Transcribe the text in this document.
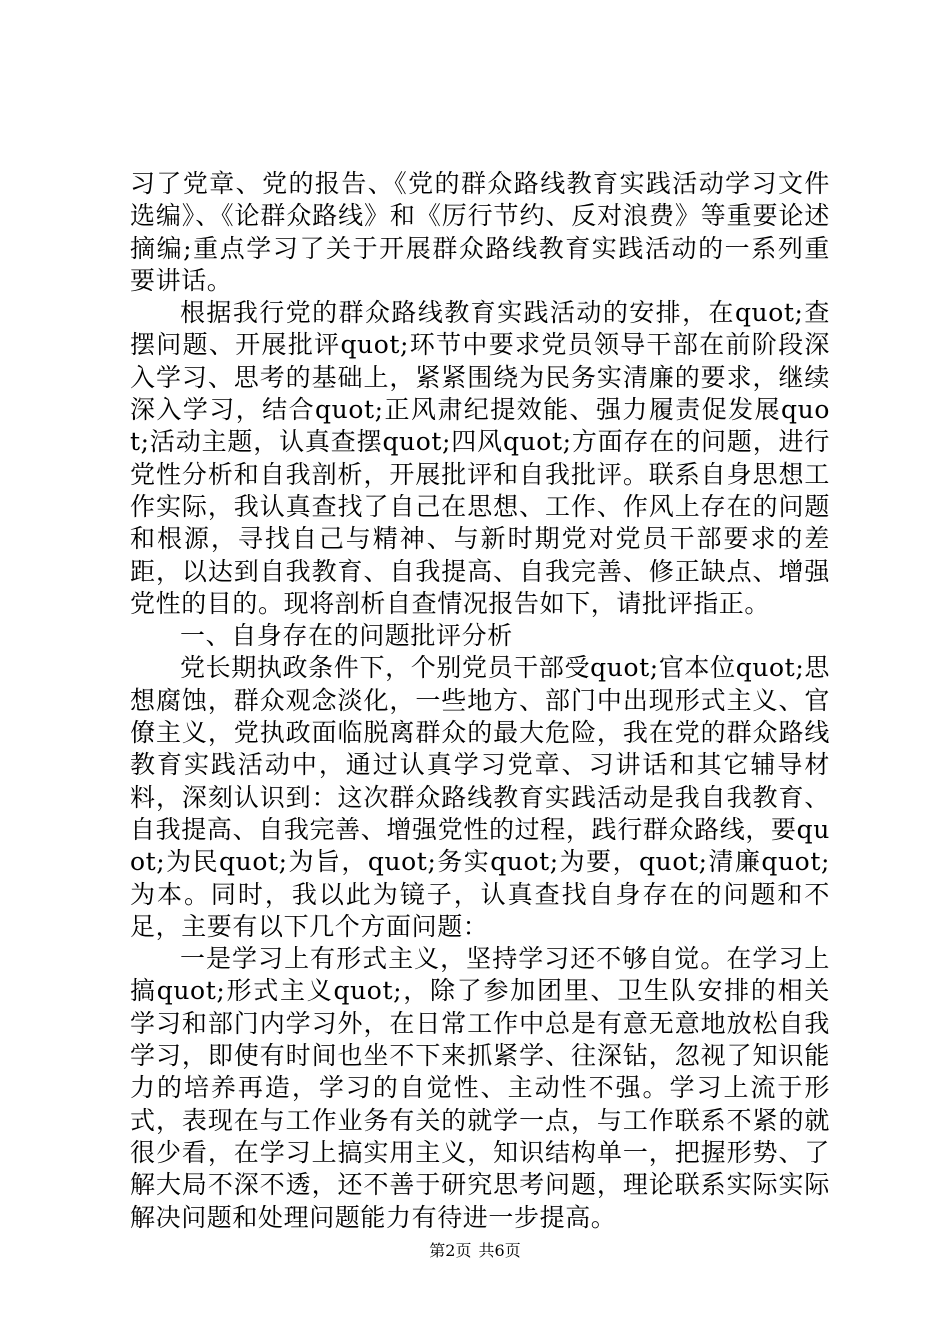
习了党章、党的报告、《党的群众路线教育实践活动学习文件选编》、《论群众路线》和《厉行节约、反对浪费》等重要论述摘编;重点学习了关于开展群众路线教育实践活动的一系列重要讲话。

根据我行党的群众路线教育实践活动的安排，在quot;查摆问题、开展批评quot;环节中要求党员领导干部在前阶段深入学习、思考的基础上，紧紧围绕为民务实清廉的要求，继续深入学习，结合quot;正风肃纪提效能、强力履责促发展quot;活动主题，认真查摆quot;四风quot;方面存在的问题，进行党性分析和自我剖析，开展批评和自我批评。联系自身思想工作实际，我认真查找了自己在思想、工作、作风上存在的问题和根源，寻找自己与精神、与新时期党对党员干部要求的差距，以达到自我教育、自我提高、自我完善、修正缺点、增强党性的目的。现将剖析自查情况报告如下，请批评指正。

一、自身存在的问题批评分析

党长期执政条件下，个别党员干部受quot;官本位quot;思想腐蚀，群众观念淡化，一些地方、部门中出现形式主义、官僚主义，党执政面临脱离群众的最大危险，我在党的群众路线教育实践活动中，通过认真学习党章、习讲话和其它辅导材料，深刻认识到：这次群众路线教育实践活动是我自我教育、自我提高、自我完善、增强党性的过程，践行群众路线，要quot;为民quot;为旨，quot;务实quot;为要，quot;清廉quot;为本。同时，我以此为镜子，认真查找自身存在的问题和不足，主要有以下几个方面问题：

一是学习上有形式主义，坚持学习还不够自觉。在学习上搞quot;形式主义quot;，除了参加团里、卫生队安排的相关学习和部门内学习外，在日常工作中总是有意无意地放松自我学习，即使有时间也坐不下来抓紧学、往深钻，忽视了知识能力的培养再造，学习的自觉性、主动性不强。学习上流于形式，表现在与工作业务有关的就学一点，与工作联系不紧的就很少看，在学习上搞实用主义，知识结构单一，把握形势、了解大局不深不透，还不善于研究思考问题，理论联系实际实际解决问题和处理问题能力有待进一步提高。

第2页 共6页
